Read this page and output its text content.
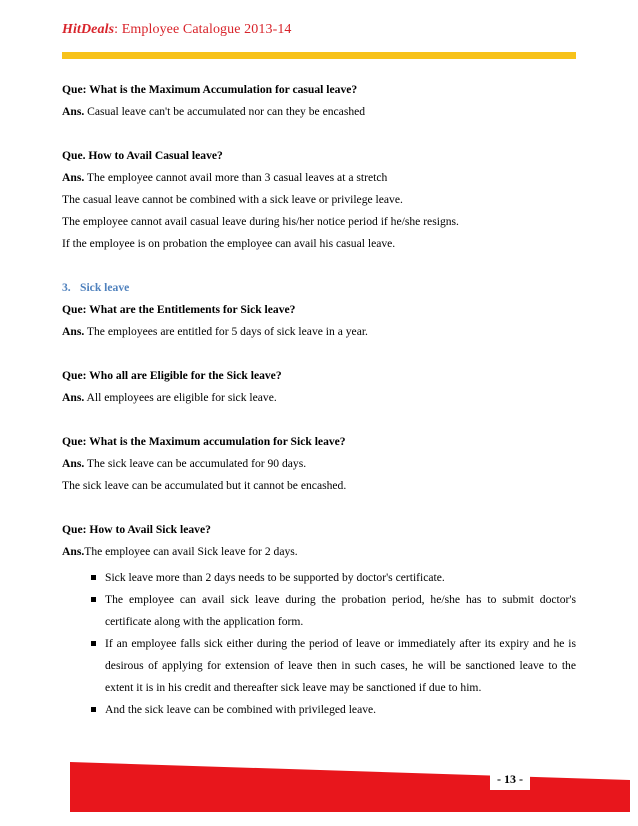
HitDeals: Employee Catalogue 2013-14

Que: What is the Maximum Accumulation for casual leave?

Ans. Casual leave can't be accumulated nor can they be encashed

Que. How to Avail Casual leave?

Ans. The employee cannot avail more than 3 casual leaves at a stretch

The casual leave cannot be combined with a sick leave or privilege leave.

The employee cannot avail casual leave during his/her notice period if he/she resigns.

If the employee is on probation the employee can avail his casual leave.

3. Sick leave

Que: What are the Entitlements for Sick leave?

Ans. The employees are entitled for 5 days of sick leave in a year.

Que: Who all are Eligible for the Sick leave?

Ans. All employees are eligible for sick leave.

Que: What is the Maximum accumulation for Sick leave?

Ans. The sick leave can be accumulated for 90 days.

The sick leave can be accumulated but it cannot be encashed.

Que: How to Avail Sick leave?

Ans.The employee can avail Sick leave for 2 days.

Sick leave more than 2 days needs to be supported by doctor's certificate.
The employee can avail sick leave during the probation period, he/she has to submit doctor's certificate along with the application form.
If an employee falls sick either during the period of leave or immediately after its expiry and he is desirous of applying for extension of leave then in such cases, he will be sanctioned leave to the extent it is in his credit and thereafter sick leave may be sanctioned if due to him.
And the sick leave can be combined with privileged leave.
- 13 -
